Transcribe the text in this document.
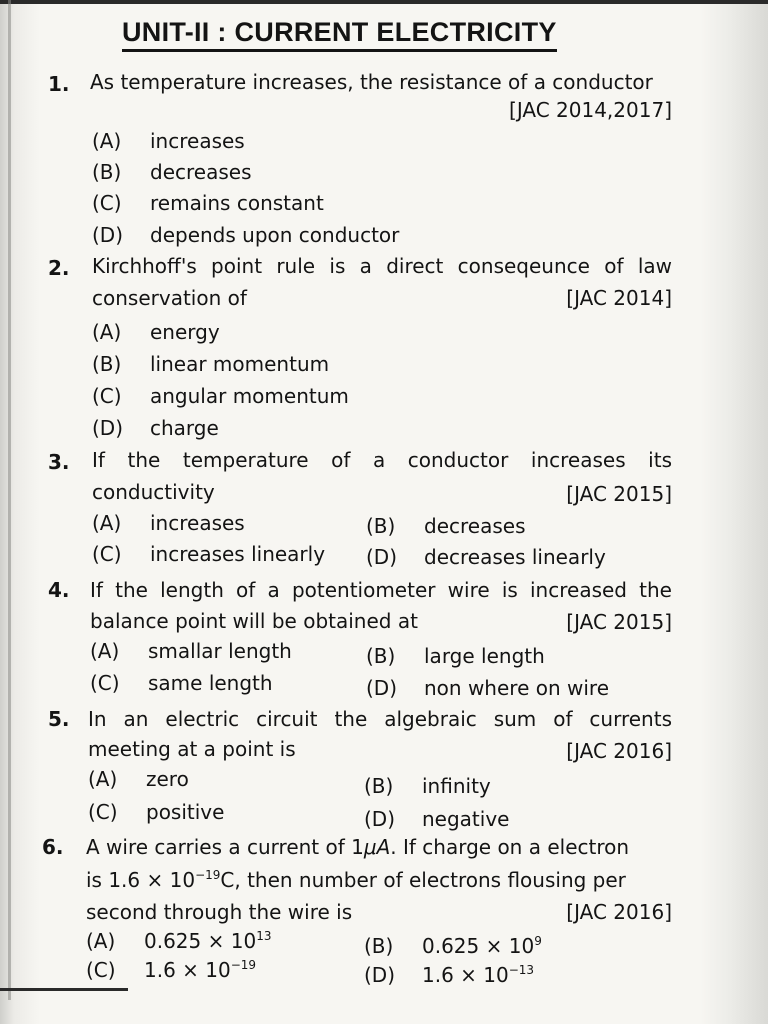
UNIT-II : CURRENT ELECTRICITY
1. As temperature increases, the resistance of a conductor
[JAC 2014,2017]
(A) increases
(B) decreases
(C) remains constant
(D) depends upon conductor
2. Kirchhoff's point rule is a direct conseqeunce of law
conservation of	[JAC 2014]
(A) energy
(B) linear momentum
(C) angular momentum
(D) charge
3. If the temperature of a conductor increases its
conductivity	[JAC 2015]
(A) increases	(B) decreases
(C) increases linearly (D) decreases linearly
4. If the length of a potentiometer wire is increased the
balance point will be obtained at	[JAC 2015]
(A) smallar length	(B) large length
(C) same length	(D) non where on wire
5. In an electric circuit the algebraic sum of currents
meeting at a point is	[JAC 2016]
(A) zero	(B) infinity
(C) positive	(D) negative
6. A wire carries a current of 1μA. If charge on a electron
is $1.6 \times 10^{-19}C$, then number of electrons flousing per
second through the wire is	[JAC 2016]
(A) $0.625 \times 10^{13}$	(B) $0.625 \times 10^9$
(C) $1.6 \times 10^{-19}$	(D) $1.6 \times 10^{-13}$
